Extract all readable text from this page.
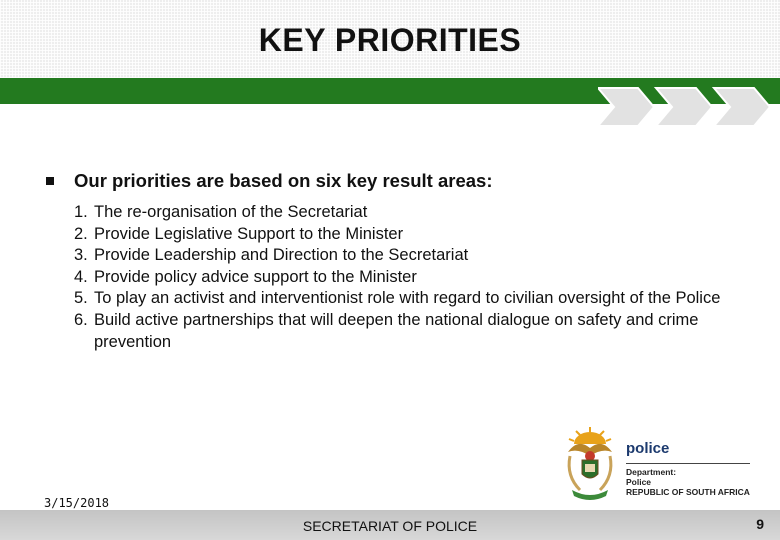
KEY PRIORITIES
Our priorities are based on six key result areas:
1. The re-organisation of the Secretariat
2. Provide Legislative Support to the Minister
3. Provide Leadership and Direction to the Secretariat
4. Provide policy advice support to the Minister
5. To play an activist and interventionist role with regard to civilian oversight of the Police
6. Build active partnerships that will deepen the national dialogue on safety and crime prevention
police
Department:
Police
REPUBLIC OF SOUTH AFRICA
3/15/2018
SECRETARIAT OF POLICE	9
